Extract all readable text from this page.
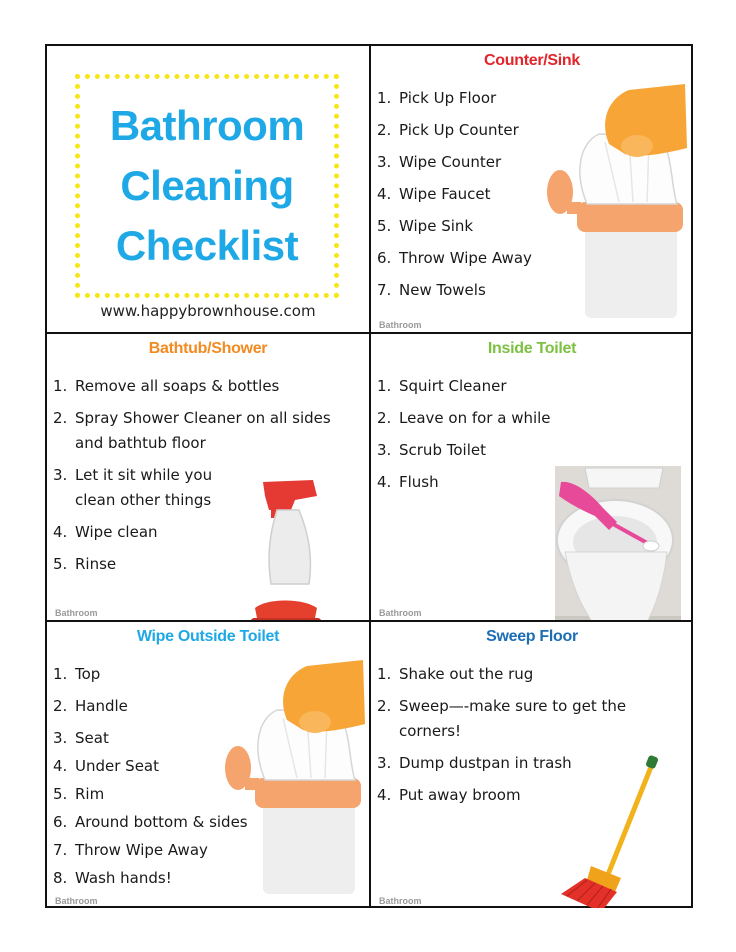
Bathroom
Cleaning
Checklist
www.happybrownhouse.com
Counter/Sink
1. Pick Up Floor
2. Pick Up Counter
3. Wipe Counter
4. Wipe Faucet
5. Wipe Sink
6. Throw Wipe Away
7. New Towels
Bathroom
Bathtub/Shower
1. Remove all soaps & bottles
2. Spray Shower Cleaner on all sides and bathtub floor
3. Let it sit while you clean other things
4. Wipe clean
5. Rinse
Bathroom
Inside Toilet
1. Squirt Cleaner
2. Leave on for a while
3. Scrub Toilet
4. Flush
Bathroom
Wipe Outside Toilet
1. Top
2. Handle
3. Seat
4. Under Seat
5. Rim
6. Around bottom & sides
7. Throw Wipe Away
8. Wash hands!
Bathroom
Sweep Floor
1. Shake out the rug
2. Sweep—-make sure to get the corners!
3. Dump dustpan in trash
4. Put away broom
Bathroom
